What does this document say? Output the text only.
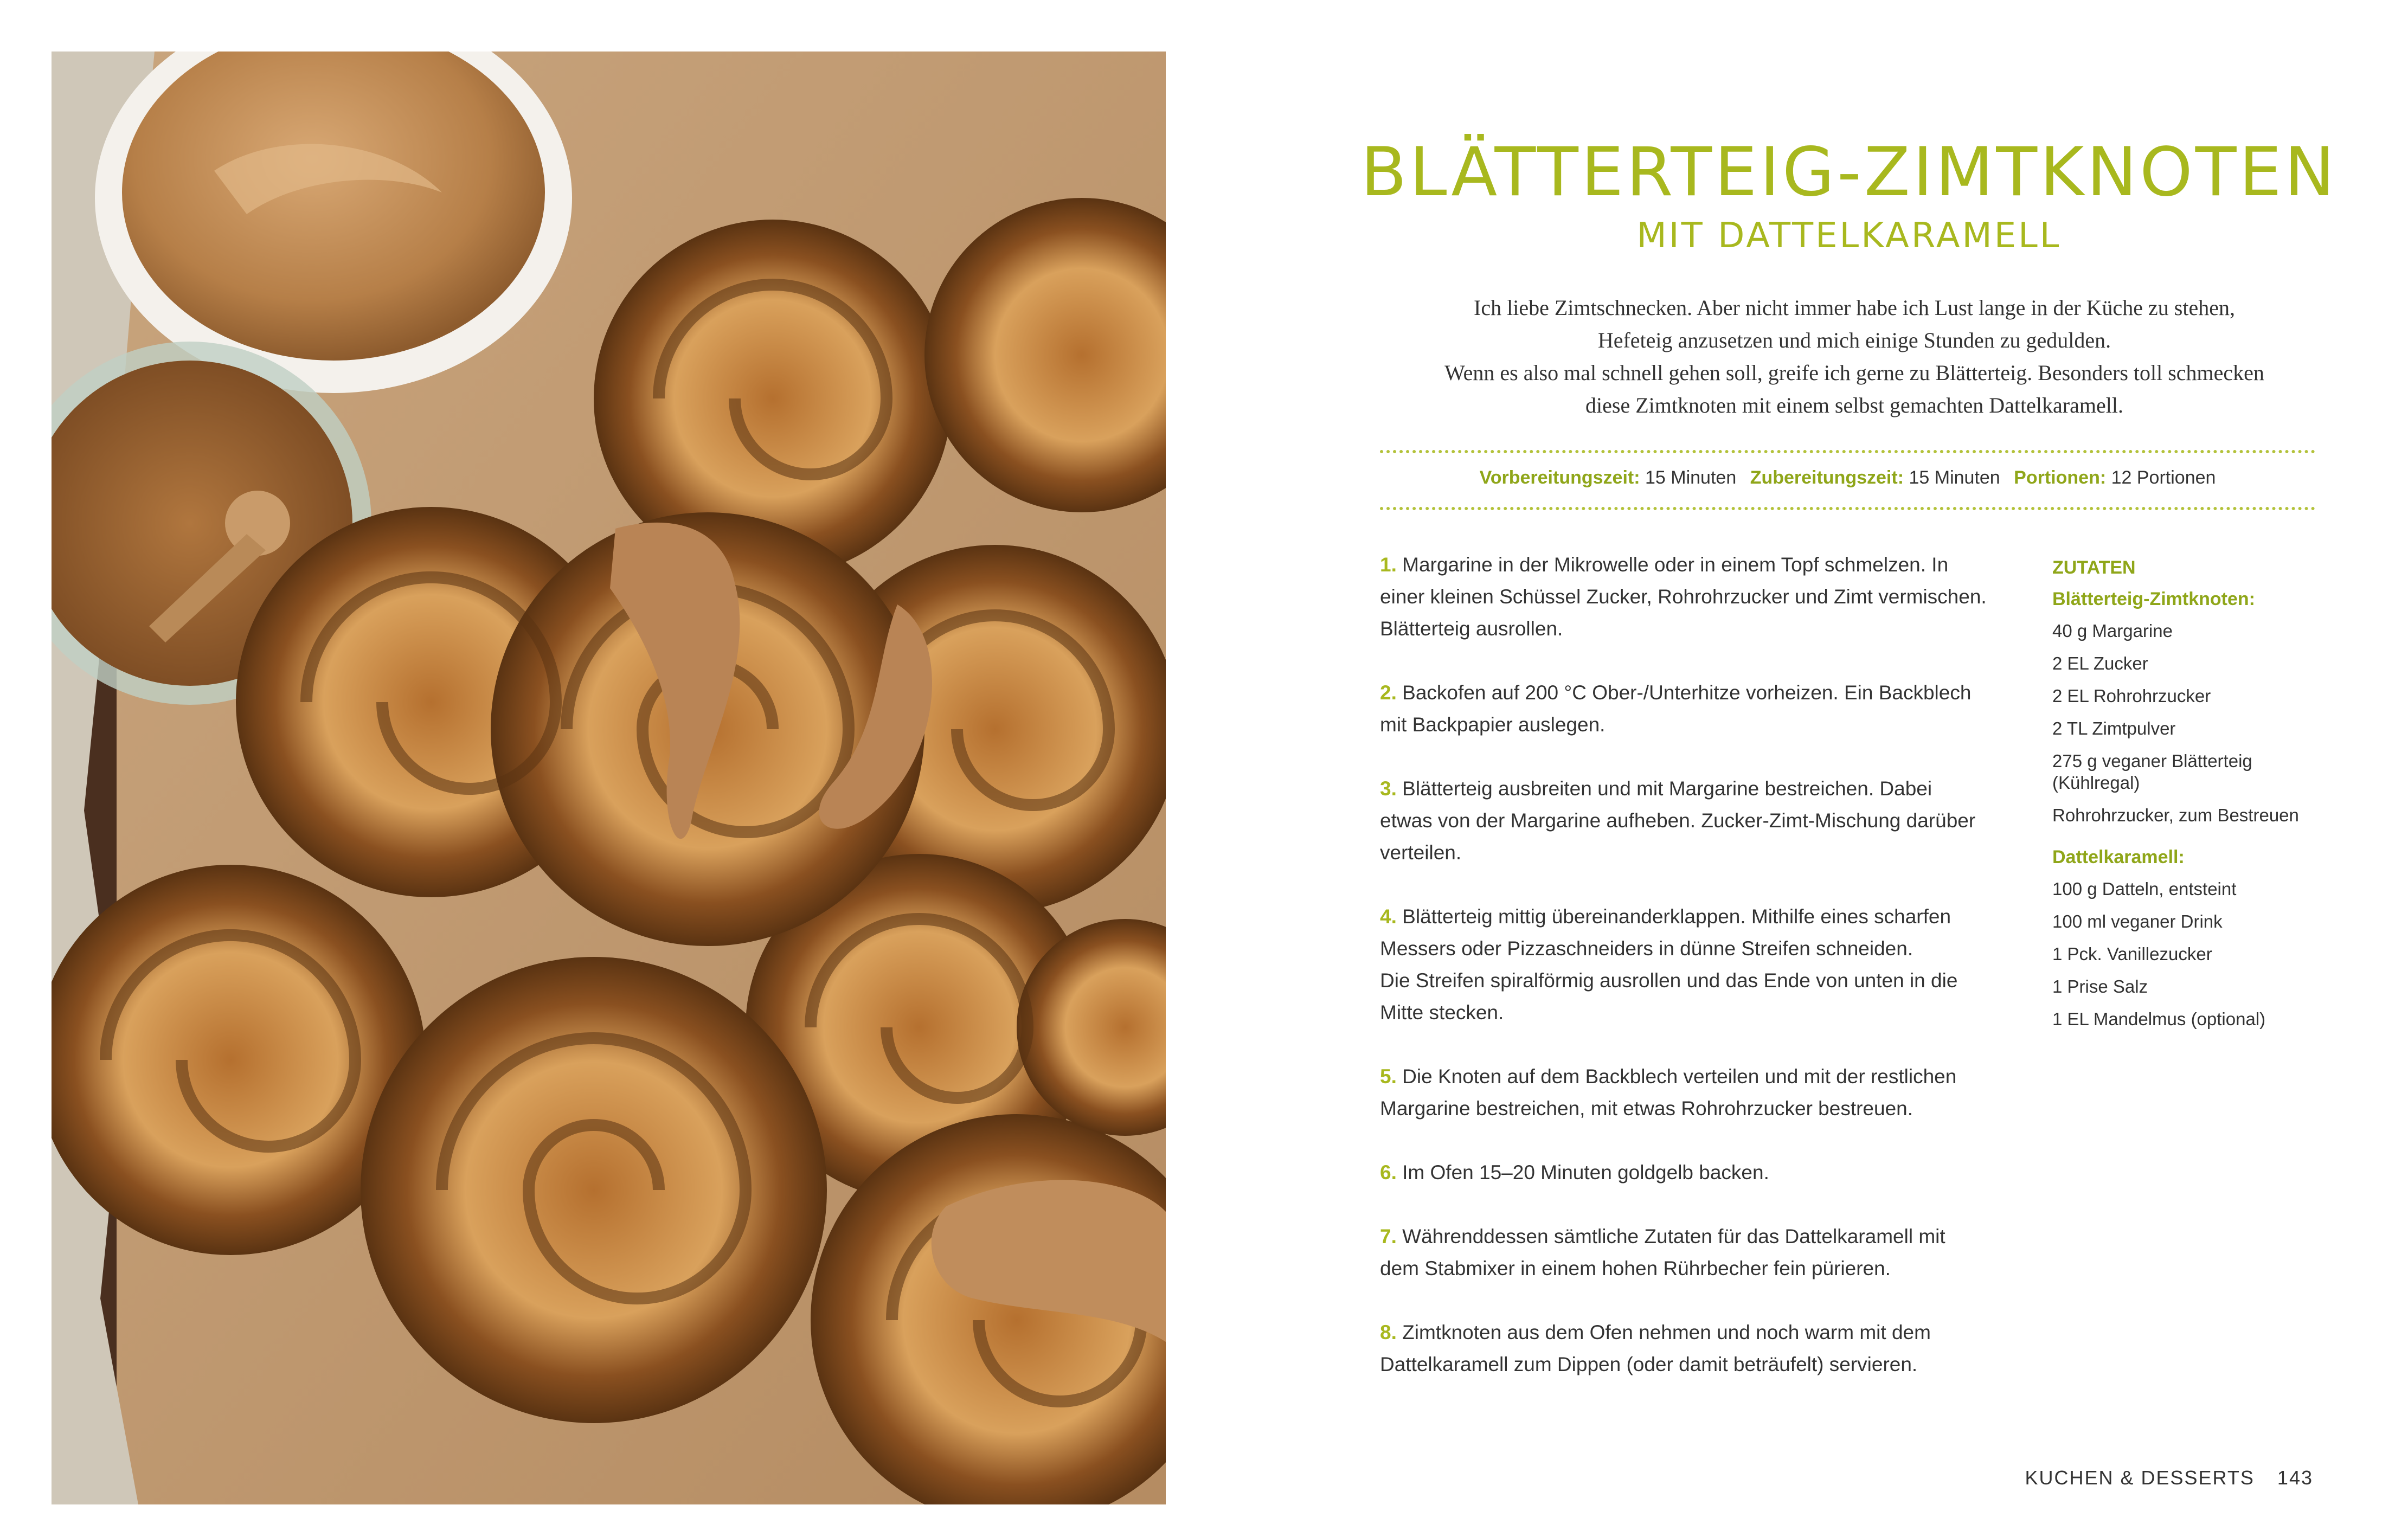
BLÄTTERTEIG-ZIMTKNOTEN
MIT DATTELKARAMELL
Ich liebe Zimtschnecken. Aber nicht immer habe ich Lust lange in der Küche zu stehen,
Hefeteig anzusetzen und mich einige Stunden zu gedulden.
Wenn es also mal schnell gehen soll, greife ich gerne zu Blätterteig. Besonders toll schmecken
diese Zimtknoten mit einem selbst gemachten Dattelkaramell.
Vorbereitungszeit: 15 Minuten Zubereitungszeit: 15 Minuten Portionen: 12 Portionen
1. Margarine in der Mikrowelle oder in einem Topf schmelzen. In
einer kleinen Schüssel Zucker, Rohrohrzucker und Zimt vermischen.
Blätterteig ausrollen.
2. Backofen auf 200 °C Ober-/Unterhitze vorheizen. Ein Backblech
mit Backpapier auslegen.
3. Blätterteig ausbreiten und mit Margarine bestreichen. Dabei
etwas von der Margarine aufheben. Zucker-Zimt-Mischung darüber
verteilen.
4. Blätterteig mittig übereinanderklappen. Mithilfe eines scharfen
Messers oder Pizzaschneiders in dünne Streifen schneiden.
Die Streifen spiralförmig ausrollen und das Ende von unten in die
Mitte stecken.
5. Die Knoten auf dem Backblech verteilen und mit der restlichen
Margarine bestreichen, mit etwas Rohrohrzucker bestreuen.
6. Im Ofen 15–20 Minuten goldgelb backen.
7. Währenddessen sämtliche Zutaten für das Dattelkaramell mit
dem Stabmixer in einem hohen Rührbecher fein pürieren.
8. Zimtknoten aus dem Ofen nehmen und noch warm mit dem
Dattelkaramell zum Dippen (oder damit beträufelt) servieren.
ZUTATEN
Blätterteig-Zimtknoten:
40 g Margarine
2 EL Zucker
2 EL Rohrohrzucker
2 TL Zimtpulver
275 g veganer Blätterteig
(Kühlregal)
Rohrohrzucker, zum Bestreuen
Dattelkaramell:
100 g Datteln, entsteint
100 ml veganer Drink
1 Pck. Vanillezucker
1 Prise Salz
1 EL Mandelmus (optional)
KUCHEN & DESSERTS 143
